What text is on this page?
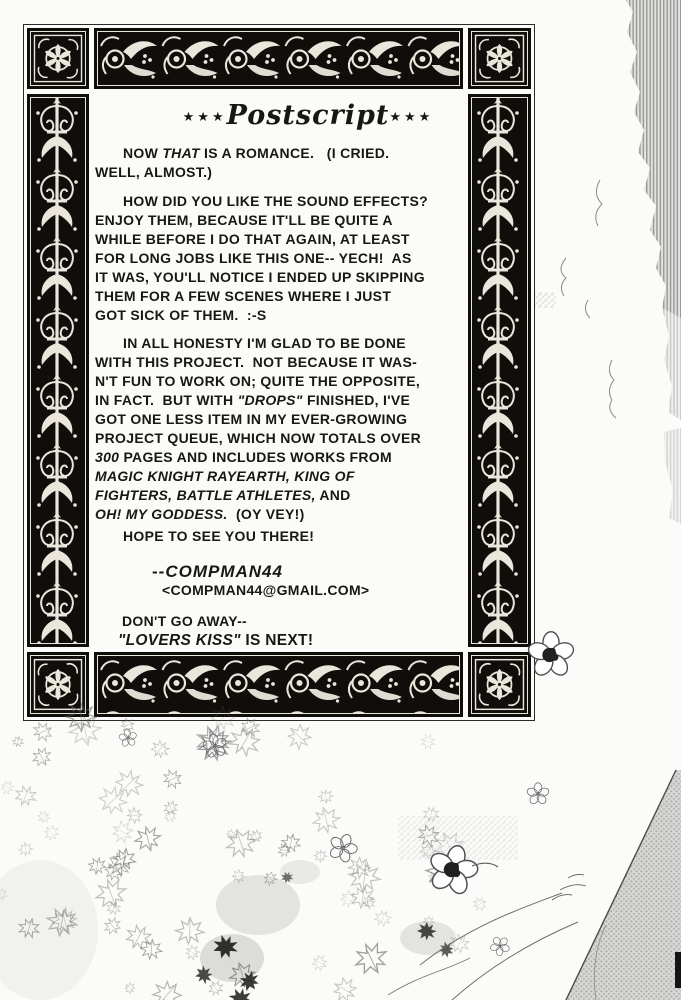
★★★Postscript★★★
NOW THAT IS A ROMANCE.   (I CRIED.
WELL, ALMOST.)
HOW DID YOU LIKE THE SOUND EFFECTS?
ENJOY THEM, BECAUSE IT'LL BE QUITE A
WHILE BEFORE I DO THAT AGAIN, AT LEAST
FOR LONG JOBS LIKE THIS ONE-- YECH!  AS
IT WAS, YOU'LL NOTICE I ENDED UP SKIPPING
THEM FOR A FEW SCENES WHERE I JUST
GOT SICK OF THEM.  :-S
IN ALL HONESTY I'M GLAD TO BE DONE
WITH THIS PROJECT.  NOT BECAUSE IT WAS-
N'T FUN TO WORK ON; QUITE THE OPPOSITE,
IN FACT.  BUT WITH "DROPS" FINISHED, I'VE
GOT ONE LESS ITEM IN MY EVER-GROWING
PROJECT QUEUE, WHICH NOW TOTALS OVER
300 PAGES AND INCLUDES WORKS FROM
MAGIC KNIGHT RAYEARTH, KING OF
FIGHTERS, BATTLE ATHLETES, AND
OH! MY GODDESS.  (OY VEY!)
HOPE TO SEE YOU THERE!
--COMPMAN44
<COMPMAN44@GMAIL.COM>
DON'T GO AWAY--
"LOVERS KISS" IS NEXT!
